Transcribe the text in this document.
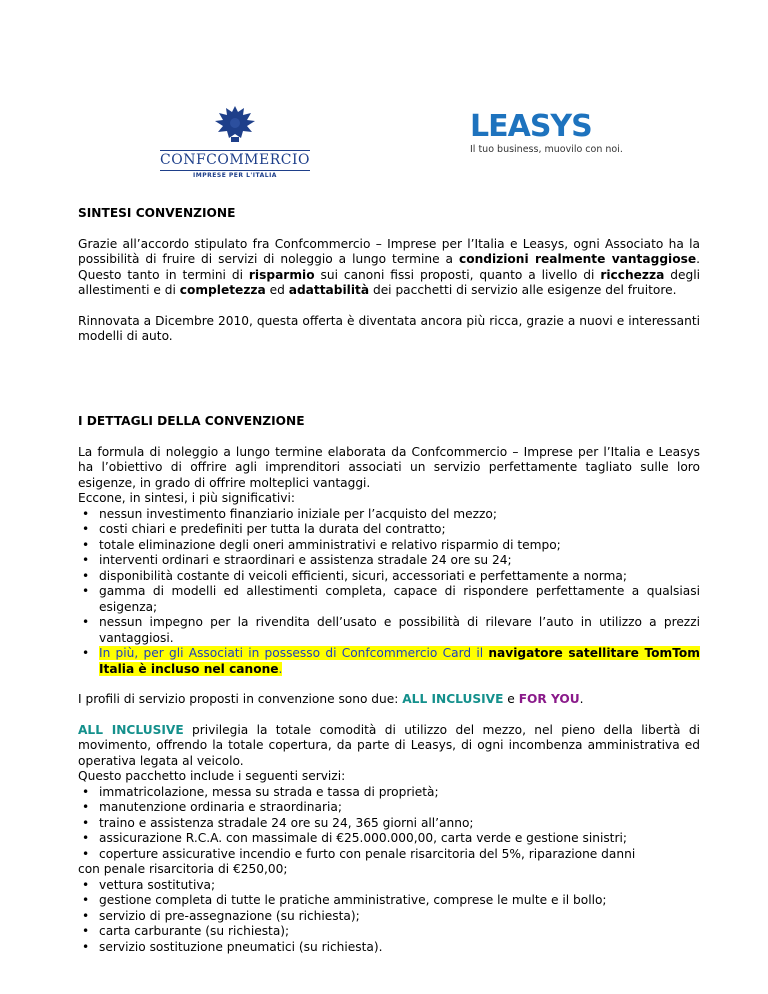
CONFCOMMERCIO
IMPRESE PER L'ITALIA
LEASYS
Il tuo business, muovilo con noi.

SINTESI CONVENZIONE

Grazie all’accordo stipulato fra Confcommercio – Imprese per l’Italia e Leasys, ogni Associato ha la possibilità di fruire di servizi di noleggio a lungo termine a condizioni realmente vantaggiose. Questo tanto in termini di risparmio sui canoni fissi proposti, quanto a livello di ricchezza degli allestimenti e di completezza ed adattabilità dei pacchetti di servizio alle esigenze del fruitore.

Rinnovata a Dicembre 2010, questa offerta è diventata ancora più ricca, grazie a nuovi e interessanti modelli di auto.

I DETTAGLI DELLA CONVENZIONE

La formula di noleggio a lungo termine elaborata da Confcommercio – Imprese per l’Italia e Leasys ha l’obiettivo di offrire agli imprenditori associati un servizio perfettamente tagliato sulle loro esigenze, in grado di offrire molteplici vantaggi.

Eccone, in sintesi, i più significativi:

• nessun investimento finanziario iniziale per l’acquisto del mezzo;
• costi chiari e predefiniti per tutta la durata del contratto;
• totale eliminazione degli oneri amministrativi e relativo risparmio di tempo;
• interventi ordinari e straordinari e assistenza stradale 24 ore su 24;
• disponibilità costante di veicoli efficienti, sicuri, accessoriati e perfettamente a norma;
• gamma di modelli ed allestimenti completa, capace di rispondere perfettamente a qualsiasi esigenza;
• nessun impegno per la rivendita dell’usato e possibilità di rilevare l’auto in utilizzo a prezzi vantaggiosi.
• In più, per gli Associati in possesso di Confcommercio Card il navigatore satellitare TomTom Italia è incluso nel canone.

I profili di servizio proposti in convenzione sono due: ALL INCLUSIVE e FOR YOU.

ALL INCLUSIVE privilegia la totale comodità di utilizzo del mezzo, nel pieno della libertà di movimento, offrendo la totale copertura, da parte di Leasys, di ogni incombenza amministrativa ed operativa legata al veicolo.

Questo pacchetto include i seguenti servizi:

• immatricolazione, messa su strada e tassa di proprietà;
• manutenzione ordinaria e straordinaria;
• traino e assistenza stradale 24 ore su 24, 365 giorni all’anno;
• assicurazione R.C.A. con massimale di €25.000.000,00, carta verde e gestione sinistri;
• coperture assicurative incendio e furto con penale risarcitoria del 5%, riparazione danni

con penale risarcitoria di €250,00;

• vettura sostitutiva;
• gestione completa di tutte le pratiche amministrative, comprese le multe e il bollo;
• servizio di pre-assegnazione (su richiesta);
• carta carburante (su richiesta);
• servizio sostituzione pneumatici (su richiesta).
